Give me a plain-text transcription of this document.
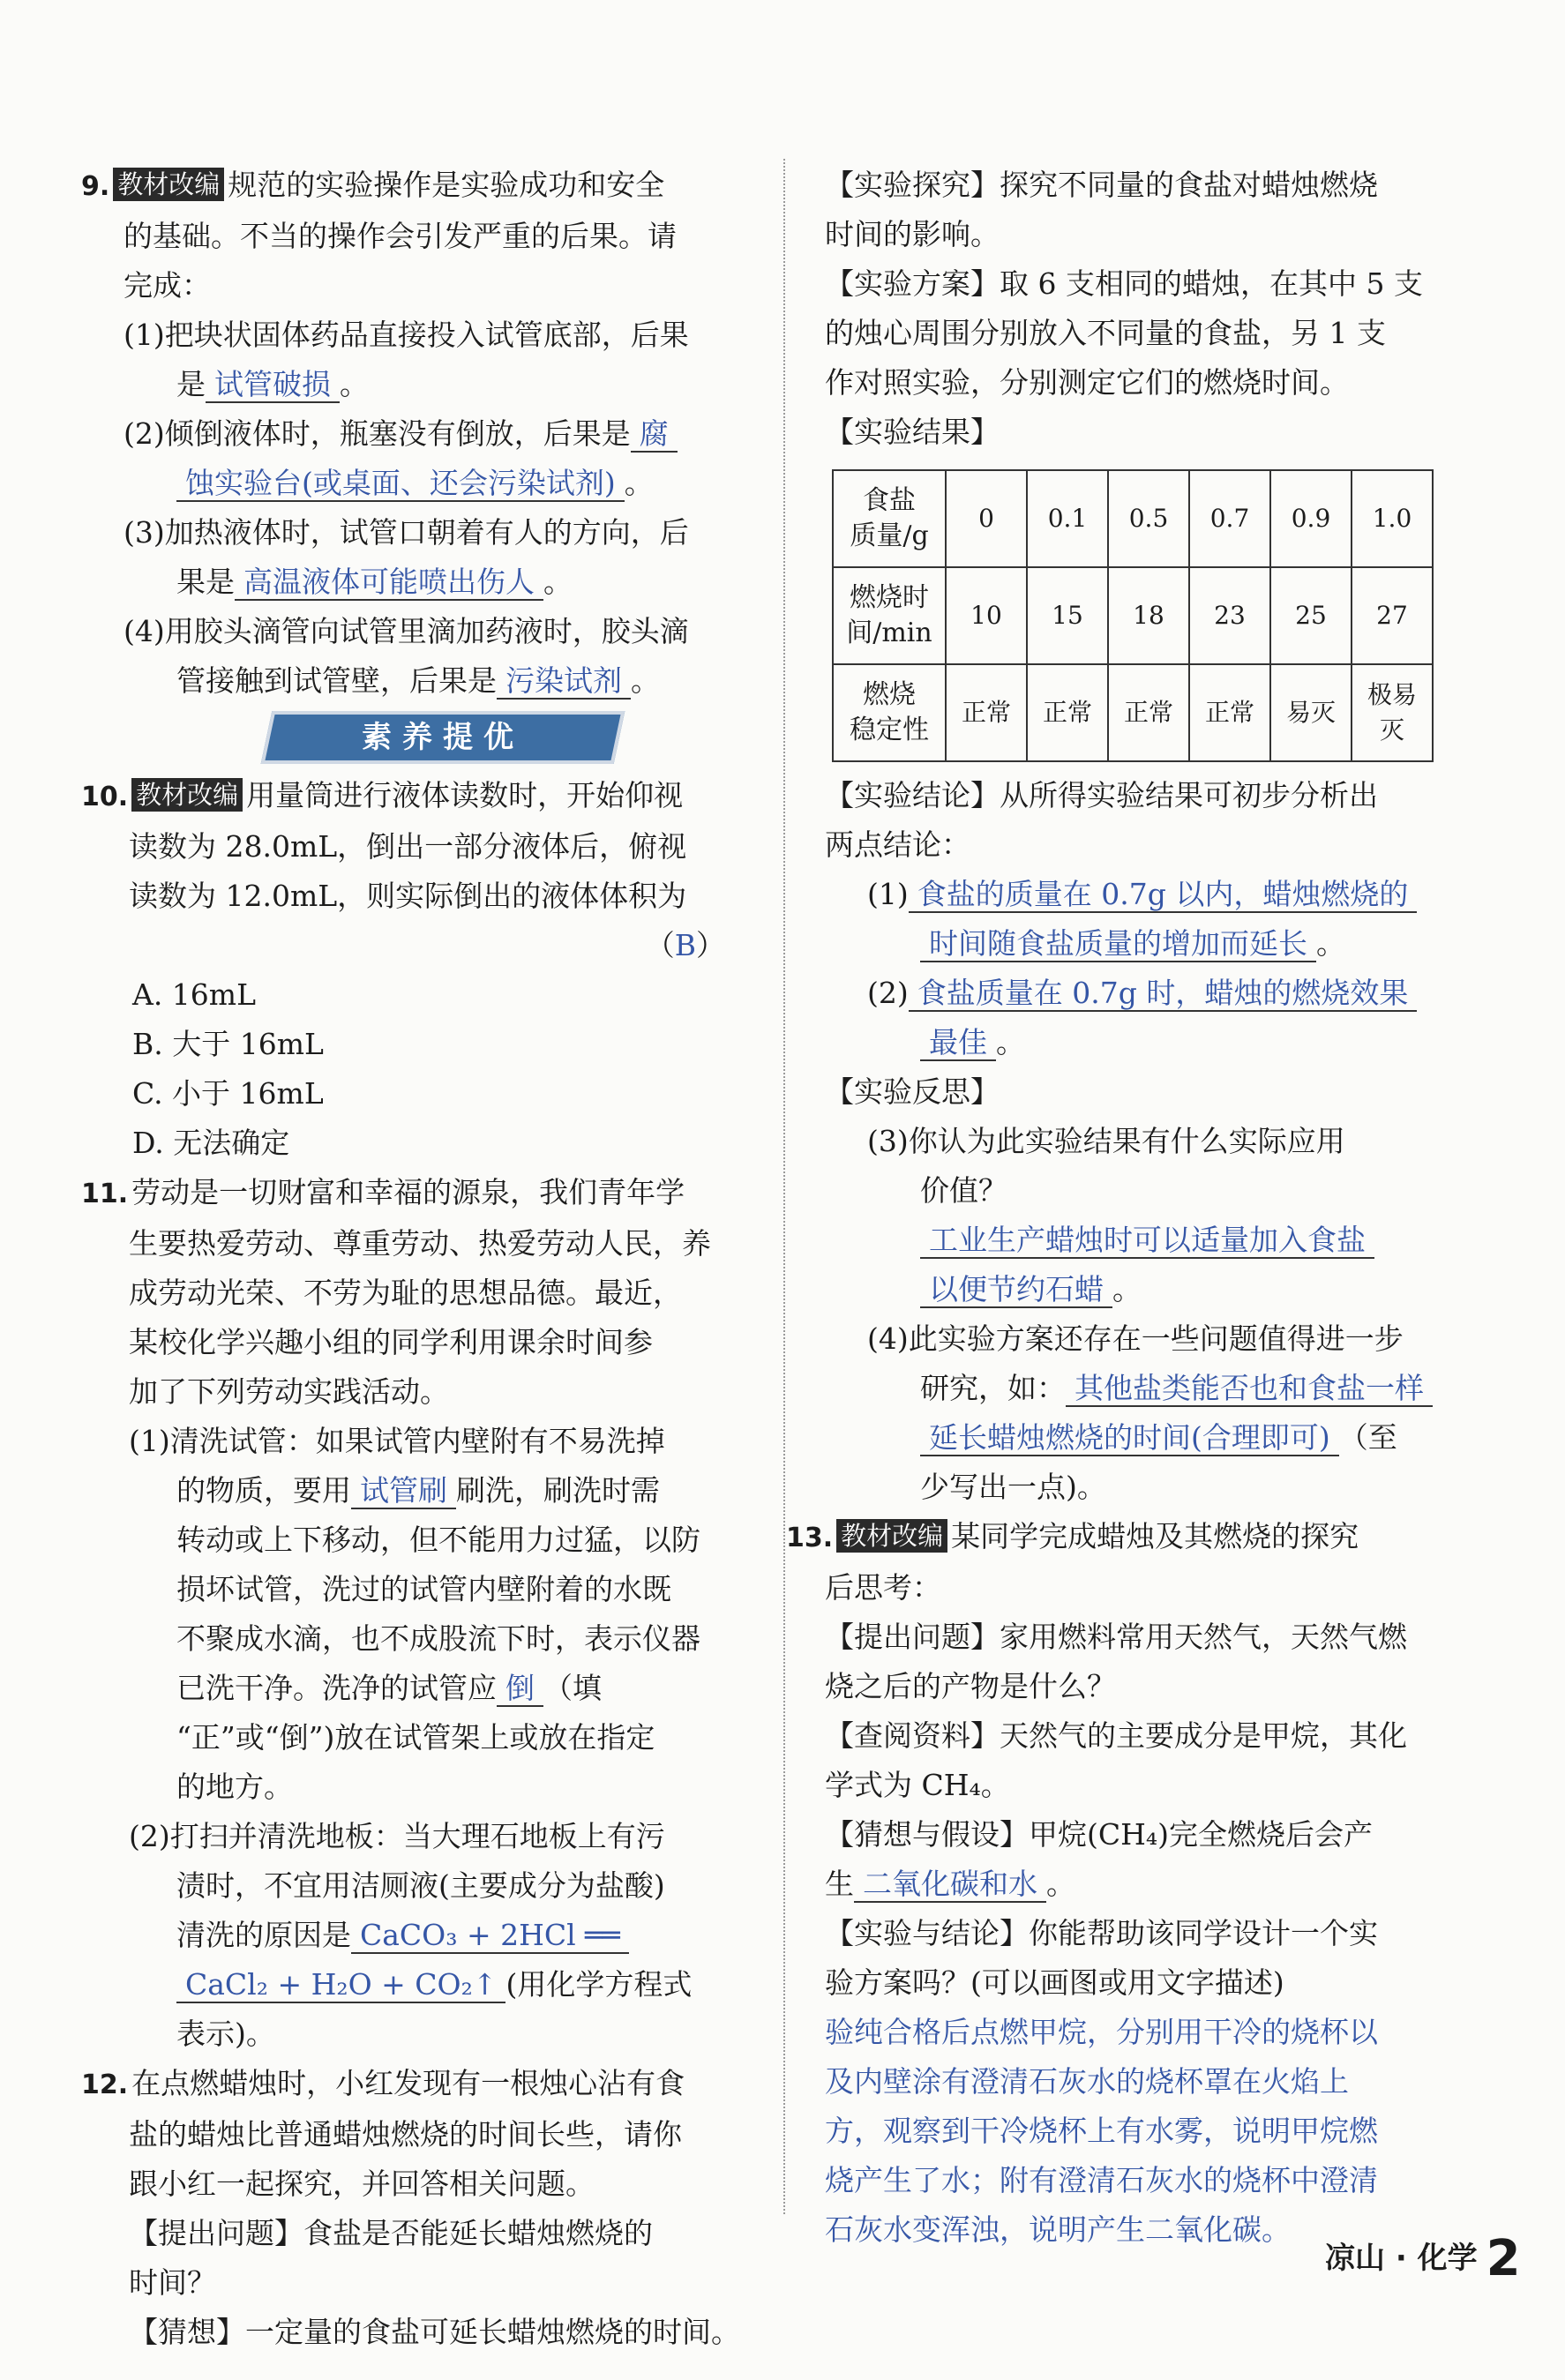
9. 教材改编 规范的实验操作是实验成功和安全
的基础。不当的操作会引发严重的后果。请
完成：
(1)把块状固体药品直接投入试管底部，后果
是 试管破损 。
(2)倾倒液体时，瓶塞没有倒放，后果是 腐
蚀实验台(或桌面、还会污染试剂) 。
(3)加热液体时，试管口朝着有人的方向，后
果是 高温液体可能喷出伤人 。
(4)用胶头滴管向试管里滴加药液时，胶头滴
管接触到试管壁，后果是 污染试剂 。
素养提优
10. 教材改编 用量筒进行液体读数时，开始仰视
读数为 28.0mL，倒出一部分液体后，俯视
读数为 12.0mL，则实际倒出的液体体积为
（B）
A. 16mL
B. 大于 16mL
C. 小于 16mL
D. 无法确定
11. 劳动是一切财富和幸福的源泉，我们青年学
生要热爱劳动、尊重劳动、热爱劳动人民，养
成劳动光荣、不劳为耻的思想品德。最近，
某校化学兴趣小组的同学利用课余时间参
加了下列劳动实践活动。
(1)清洗试管：如果试管内壁附有不易洗掉
的物质，要用 试管刷 刷洗，刷洗时需
转动或上下移动，但不能用力过猛，以防
损坏试管，洗过的试管内壁附着的水既
不聚成水滴，也不成股流下时，表示仪器
已洗干净。洗净的试管应 倒 （填
“正”或“倒”)放在试管架上或放在指定
的地方。
(2)打扫并清洗地板：当大理石地板上有污
渍时，不宜用洁厕液(主要成分为盐酸)
清洗的原因是 CaCO₃ + 2HCl ══
CaCl₂ + H₂O + CO₂↑ (用化学方程式
表示)。
12. 在点燃蜡烛时，小红发现有一根烛心沾有食
盐的蜡烛比普通蜡烛燃烧的时间长些，请你
跟小红一起探究，并回答相关问题。
【提出问题】食盐是否能延长蜡烛燃烧的
时间？
【猜想】一定量的食盐可延长蜡烛燃烧的时间。
【实验探究】探究不同量的食盐对蜡烛燃烧
时间的影响。
【实验方案】取 6 支相同的蜡烛，在其中 5 支
的烛心周围分别放入不同量的食盐，另 1 支
作对照实验，分别测定它们的燃烧时间。
【实验结果】
食盐
质量/g	0	0.1	0.5	0.7	0.9	1.0
燃烧时
间/min	10	15	18	23	25	27
燃烧
稳定性	正常	正常	正常	正常	易灭	极易灭
【实验结论】从所得实验结果可初步分析出
两点结论：
(1) 食盐的质量在 0.7g 以内，蜡烛燃烧的
时间随食盐质量的增加而延长 。
(2) 食盐质量在 0.7g 时，蜡烛的燃烧效果
最佳 。
【实验反思】
(3)你认为此实验结果有什么实际应用
价值？
工业生产蜡烛时可以适量加入食盐
以便节约石蜡 。
(4)此实验方案还存在一些问题值得进一步
研究，如： 其他盐类能否也和食盐一样
延长蜡烛燃烧的时间(合理即可) （至
少写出一点)。
13. 教材改编 某同学完成蜡烛及其燃烧的探究
后思考：
【提出问题】家用燃料常用天然气，天然气燃
烧之后的产物是什么？
【查阅资料】天然气的主要成分是甲烷，其化
学式为 CH₄。
【猜想与假设】甲烷(CH₄)完全燃烧后会产
生 二氧化碳和水 。
【实验与结论】你能帮助该同学设计一个实
验方案吗？(可以画图或用文字描述)
验纯合格后点燃甲烷，分别用干冷的烧杯以
及内壁涂有澄清石灰水的烧杯罩在火焰上
方，观察到干冷烧杯上有水雾，说明甲烷燃
烧产生了水；附有澄清石灰水的烧杯中澄清
石灰水变浑浊，说明产生二氧化碳。
凉山 · 化学 2
